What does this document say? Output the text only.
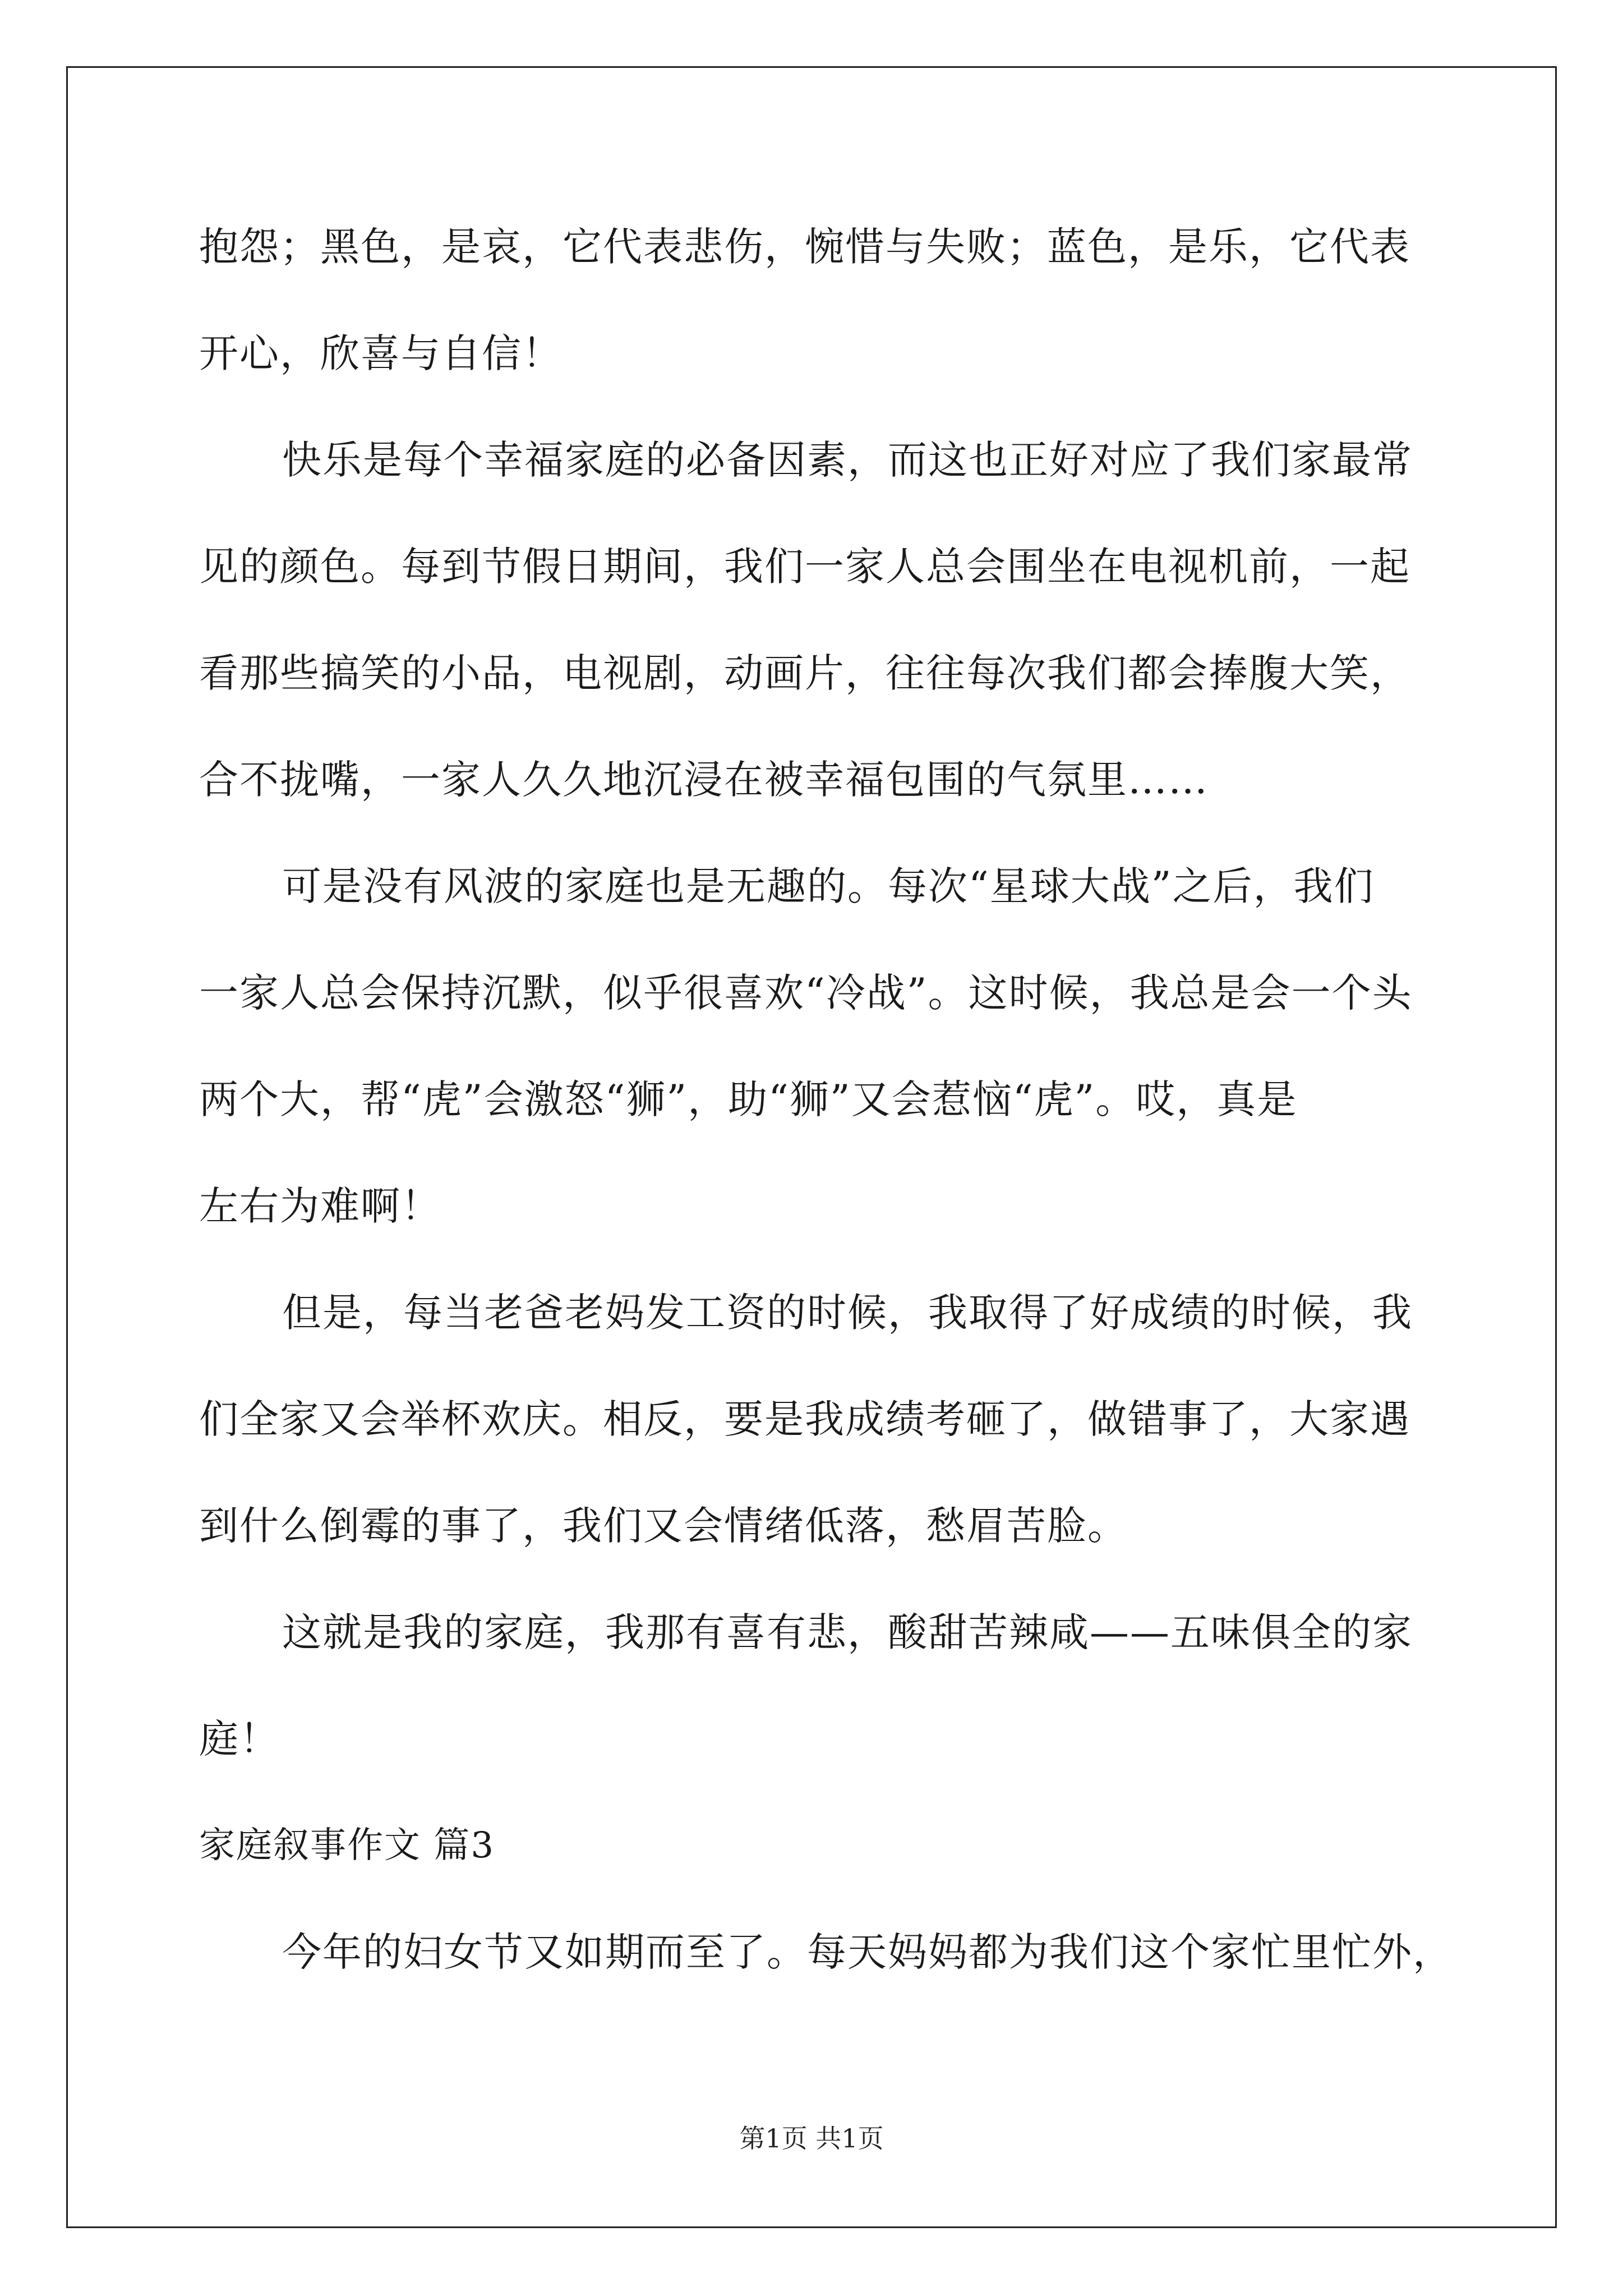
抱怨；黑色，是哀，它代表悲伤，惋惜与失败；蓝色，是乐，它代表
开心，欣喜与自信！
快乐是每个幸福家庭的必备因素，而这也正好对应了我们家最常
见的颜色。每到节假日期间，我们一家人总会围坐在电视机前，一起
看那些搞笑的小品，电视剧，动画片，往往每次我们都会捧腹大笑，
合不拢嘴，一家人久久地沉浸在被幸福包围的气氛里……
可是没有风波的家庭也是无趣的。每次“星球大战”之后，我们
一家人总会保持沉默，似乎很喜欢“冷战”。这时候，我总是会一个头
两个大，帮“虎”会激怒“狮”，助“狮”又会惹恼“虎”。哎，真是
左右为难啊！
但是，每当老爸老妈发工资的时候，我取得了好成绩的时候，我
们全家又会举杯欢庆。相反，要是我成绩考砸了，做错事了，大家遇
到什么倒霉的事了，我们又会情绪低落，愁眉苦脸。
这就是我的家庭，我那有喜有悲，酸甜苦辣咸——五味俱全的家
庭！
家庭叙事作文 篇3
今年的妇女节又如期而至了。每天妈妈都为我们这个家忙里忙外，
第1页 共1页
